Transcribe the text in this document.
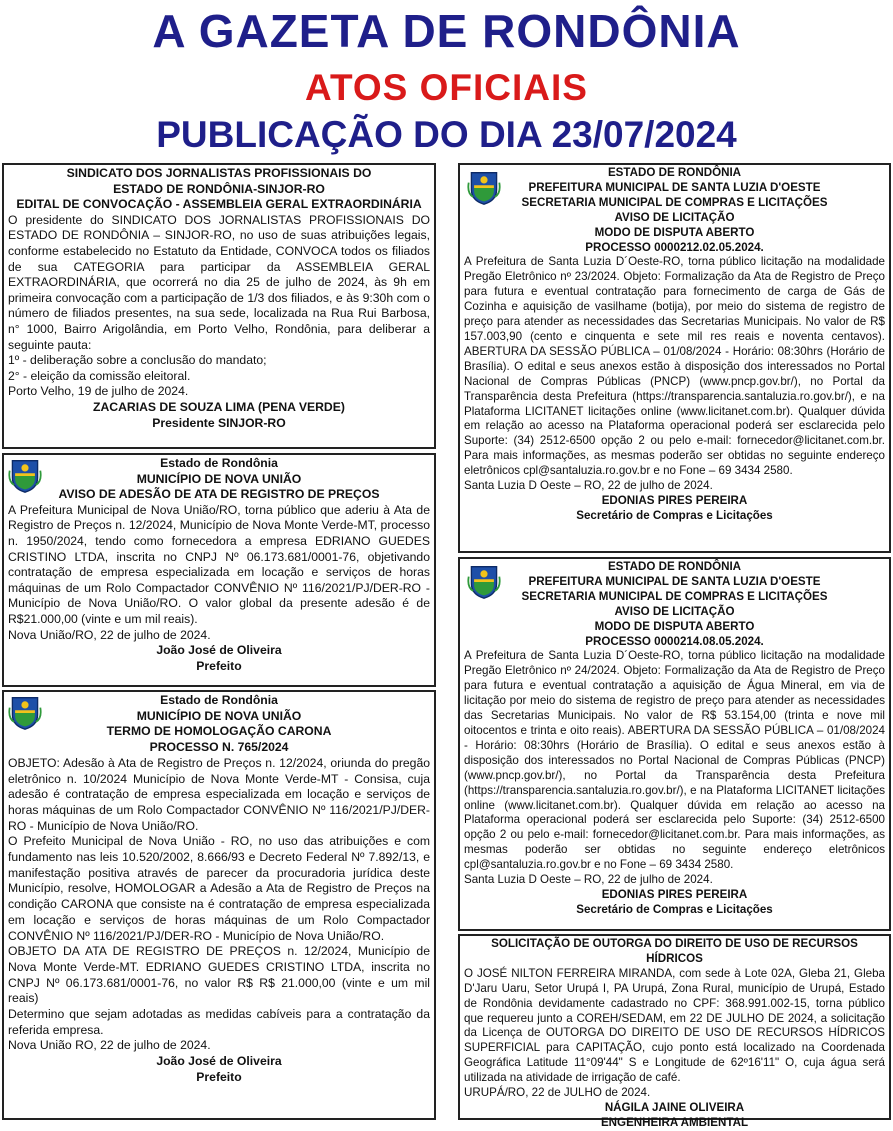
A GAZETA DE RONDÔNIA
ATOS OFICIAIS
PUBLICAÇÃO DO DIA 23/07/2024
SINDICATO DOS JORNALISTAS PROFISSIONAIS DO
ESTADO DE RONDÔNIA-SINJOR-RO
EDITAL DE CONVOCAÇÃO - ASSEMBLEIA GERAL EXTRAORDINÁRIA
O presidente do SINDICATO DOS JORNALISTAS PROFISSIONAIS DO ESTADO DE RONDÔNIA – SINJOR-RO, no uso de suas atribuições legais, conforme estabelecido no Estatuto da Entidade, CONVOCA todos os filiados de sua CATEGORIA para participar da ASSEMBLEIA GERAL EXTRAORDINÁRIA, que ocorrerá no dia 25 de julho de 2024, às 9h em primeira convocação com a participação de 1/3 dos filiados, e às 9:30h com o número de filiados presentes, na sua sede, localizada na Rua Rui Barbosa, n° 1000, Bairro Arigolândia, em Porto Velho, Rondônia, para deliberar a seguinte pauta:
1º - deliberação sobre a conclusão do mandato;
2° - eleição da comissão eleitoral.
Porto Velho, 19 de julho de 2024.
ZACARIAS DE SOUZA LIMA (PENA VERDE)
Presidente SINJOR-RO
Estado de Rondônia
MUNICÍPIO DE NOVA UNIÃO
AVISO DE ADESÃO DE ATA DE REGISTRO DE PREÇOS
A Prefeitura Municipal de Nova União/RO, torna público que aderiu à Ata de Registro de Preços n. 12/2024, Município de Nova Monte Verde-MT, processo n. 1950/2024, tendo como fornecedora a empresa EDRIANO GUEDES CRISTINO LTDA, inscrita no CNPJ Nº 06.173.681/0001-76, objetivando contratação de empresa especializada em locação e serviços de horas máquinas de um Rolo Compactador CONVÊNIO Nº 116/2021/PJ/DER-RO - Município de Nova União/RO. O valor global da presente adesão é de R$21.000,00 (vinte e um mil reais).
Nova União/RO, 22 de julho de 2024.
João José de Oliveira
Prefeito
Estado de Rondônia
MUNICÍPIO DE NOVA UNIÃO
TERMO DE HOMOLOGAÇÃO CARONA
PROCESSO N. 765/2024
OBJETO: Adesão à Ata de Registro de Preços n. 12/2024, oriunda do pregão eletrônico n. 10/2024 Município de Nova Monte Verde-MT - Consisa, cuja adesão é contratação de empresa especializada em locação e serviços de horas máquinas de um Rolo Compactador CONVÊNIO Nº 116/2021/PJ/DER-RO - Município de Nova União/RO.
O Prefeito Municipal de Nova União - RO, no uso das atribuições e com fundamento nas leis 10.520/2002, 8.666/93 e Decreto Federal Nº 7.892/13, e manifestação positiva através de parecer da procuradoria jurídica deste Município, resolve, HOMOLOGAR a Adesão a Ata de Registro de Preços na condição CARONA que consiste na é contratação de empresa especializada em locação e serviços de horas máquinas de um Rolo Compactador CONVÊNIO Nº 116/2021/PJ/DER-RO - Município de Nova União/RO.
OBJETO DA ATA DE REGISTRO DE PREÇOS n. 12/2024, Município de Nova Monte Verde-MT. EDRIANO GUEDES CRISTINO LTDA, inscrita no CNPJ Nº 06.173.681/0001-76, no valor R$ R$ 21.000,00 (vinte e um mil reais)
Determino que sejam adotadas as medidas cabíveis para a contratação da referida empresa.
Nova União RO, 22 de julho de 2024.
João José de Oliveira
Prefeito
ESTADO DE RONDÔNIA
PREFEITURA MUNICIPAL DE SANTA LUZIA D'OESTE
SECRETARIA MUNICIPAL DE COMPRAS E LICITAÇÕES
AVISO DE LICITAÇÃO
MODO DE DISPUTA ABERTO
PROCESSO 0000212.02.05.2024.
A Prefeitura de Santa Luzia D´Oeste-RO, torna público licitação na modalidade Pregão Eletrônico nº 23/2024. Objeto: Formalização da Ata de Registro de Preço para futura e eventual contratação para fornecimento de carga de Gás de Cozinha e aquisição de vasilhame (botija), por meio do sistema de registro de preço para atender as necessidades das Secretarias Municipais. No valor de R$ 157.003,90 (cento e cinquenta e sete mil res reais e noventa centavos). ABERTURA DA SESSÃO PÚBLICA – 01/08/2024 - Horário: 08:30hrs (Horário de Brasília). O edital e seus anexos estão à disposição dos interessados no Portal Nacional de Compras Públicas (PNCP) (www.pncp.gov.br/), no Portal da Transparência desta Prefeitura (https://transparencia.santaluzia.ro.gov.br/), e na Plataforma LICITANET licitações online (www.licitanet.com.br). Qualquer dúvida em relação ao acesso na Plataforma operacional poderá ser esclarecida pelo Suporte: (34) 2512-6500 opção 2 ou pelo e-mail: fornecedor@licitanet.com.br. Para mais informações, as mesmas poderão ser obtidas no seguinte endereço eletrônicos cpl@santaluzia.ro.gov.br e no Fone – 69 3434 2580.
Santa Luzia D Oeste – RO, 22 de julho de 2024.
EDONIAS PIRES PEREIRA
Secretário de Compras e Licitações
ESTADO DE RONDÔNIA
PREFEITURA MUNICIPAL DE SANTA LUZIA D'OESTE
SECRETARIA MUNICIPAL DE COMPRAS E LICITAÇÕES
AVISO DE LICITAÇÃO
MODO DE DISPUTA ABERTO
PROCESSO 0000214.08.05.2024.
A Prefeitura de Santa Luzia D´Oeste-RO, torna público licitação na modalidade Pregão Eletrônico nº 24/2024. Objeto: Formalização da Ata de Registro de Preço para futura e eventual contratação a aquisição de Água Mineral, em via de licitação por meio do sistema de registro de preço para atender as necessidades das Secretarias Municipais. No valor de R$ 53.154,00 (trinta e nove mil oitocentos e trinta e oito reais). ABERTURA DA SESSÃO PÚBLICA – 01/08/2024 - Horário: 08:30hrs (Horário de Brasília). O edital e seus anexos estão à disposição dos interessados no Portal Nacional de Compras Públicas (PNCP) (www.pncp.gov.br/), no Portal da Transparência desta Prefeitura (https://transparencia.santaluzia.ro.gov.br/), e na Plataforma LICITANET licitações online (www.licitanet.com.br). Qualquer dúvida em relação ao acesso na Plataforma operacional poderá ser esclarecida pelo Suporte: (34) 2512-6500 opção 2 ou pelo e-mail: fornecedor@licitanet.com.br. Para mais informações, as mesmas poderão ser obtidas no seguinte endereço eletrônicos cpl@santaluzia.ro.gov.br e no Fone – 69 3434 2580.
Santa Luzia D Oeste – RO, 22 de julho de 2024.
EDONIAS PIRES PEREIRA
Secretário de Compras e Licitações
SOLICITAÇÃO DE OUTORGA DO DIREITO DE USO DE RECURSOS HÍDRICOS
O JOSÉ NILTON FERREIRA MIRANDA, com sede à Lote 02A, Gleba 21, Gleba D'Jaru Uaru, Setor Urupá I, PA Urupá, Zona Rural, município de Urupá, Estado de Rondônia devidamente cadastrado no CPF: 368.991.002-15, torna público que requereu junto a COREH/SEDAM, em 22 DE JULHO DE 2024, a solicitação da Licença de OUTORGA DO DIREITO DE USO DE RECURSOS HÍDRICOS SUPERFICIAL para CAPITAÇÃO, cujo ponto está localizado na Coordenada Geográfica Latitude 11°09'44" S e Longitude de 62º16'11" O, cuja água será utilizada na atividade de irrigação de café.
URUPÁ/RO, 22 de JULHO de 2024.
NÁGILA JAINE OLIVEIRA
ENGENHEIRA AMBIENTAL
